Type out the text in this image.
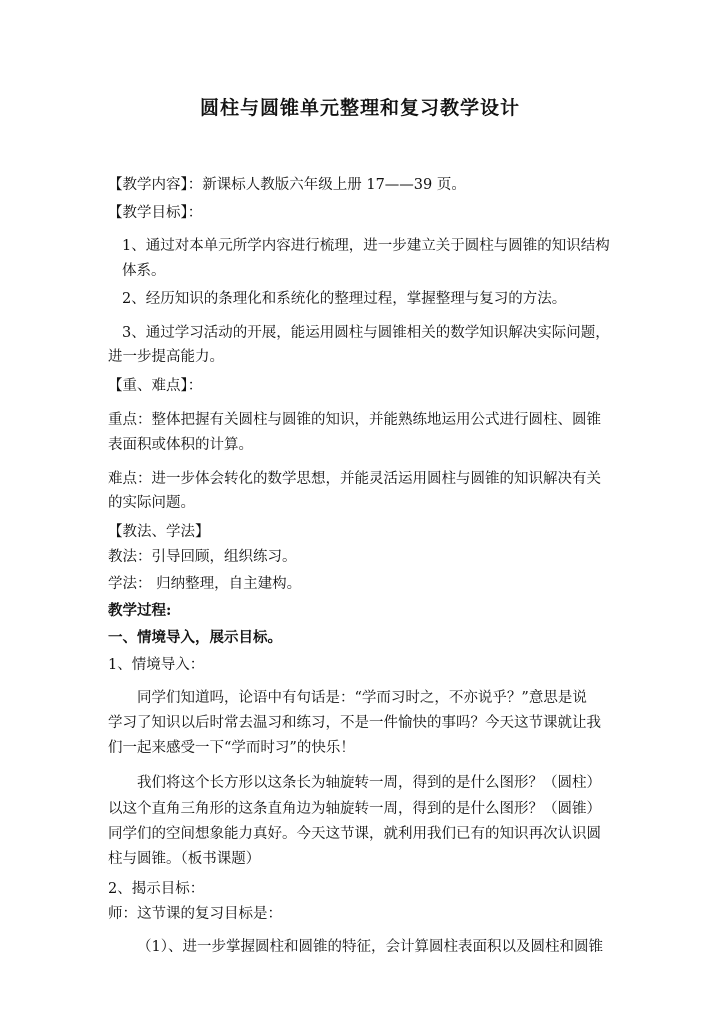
圆柱与圆锥单元整理和复习教学设计
【教学内容】：新课标人教版六年级上册 17——39 页。
【教学目标】：
1、通过对本单元所学内容进行梳理，进一步建立关于圆柱与圆锥的知识结构
体系。
2、经历知识的条理化和系统化的整理过程，掌握整理与复习的方法。
3、通过学习活动的开展，能运用圆柱与圆锥相关的数学知识解决实际问题，
进一步提高能力。
【重、难点】：
重点：整体把握有关圆柱与圆锥的知识，并能熟练地运用公式进行圆柱、圆锥
表面积或体积的计算。
难点：进一步体会转化的数学思想，并能灵活运用圆柱与圆锥的知识解决有关
的实际问题。
【教法、学法】
教法：引导回顾，组织练习。
学法： 归纳整理，自主建构。
教学过程:
一、情境导入，展示目标。
1、情境导入：
同学们知道吗，论语中有句话是：“学而习时之，不亦说乎？”意思是说
学习了知识以后时常去温习和练习，不是一件愉快的事吗？今天这节课就让我
们一起来感受一下“学而时习”的快乐！
我们将这个长方形以这条长为轴旋转一周，得到的是什么图形？（圆柱）
以这个直角三角形的这条直角边为轴旋转一周，得到的是什么图形？（圆锥）
同学们的空间想象能力真好。今天这节课，就利用我们已有的知识再次认识圆
柱与圆锥。（板书课题）
2、揭示目标：
师：这节课的复习目标是：
（1）、进一步掌握圆柱和圆锥的特征，会计算圆柱表面积以及圆柱和圆锥
